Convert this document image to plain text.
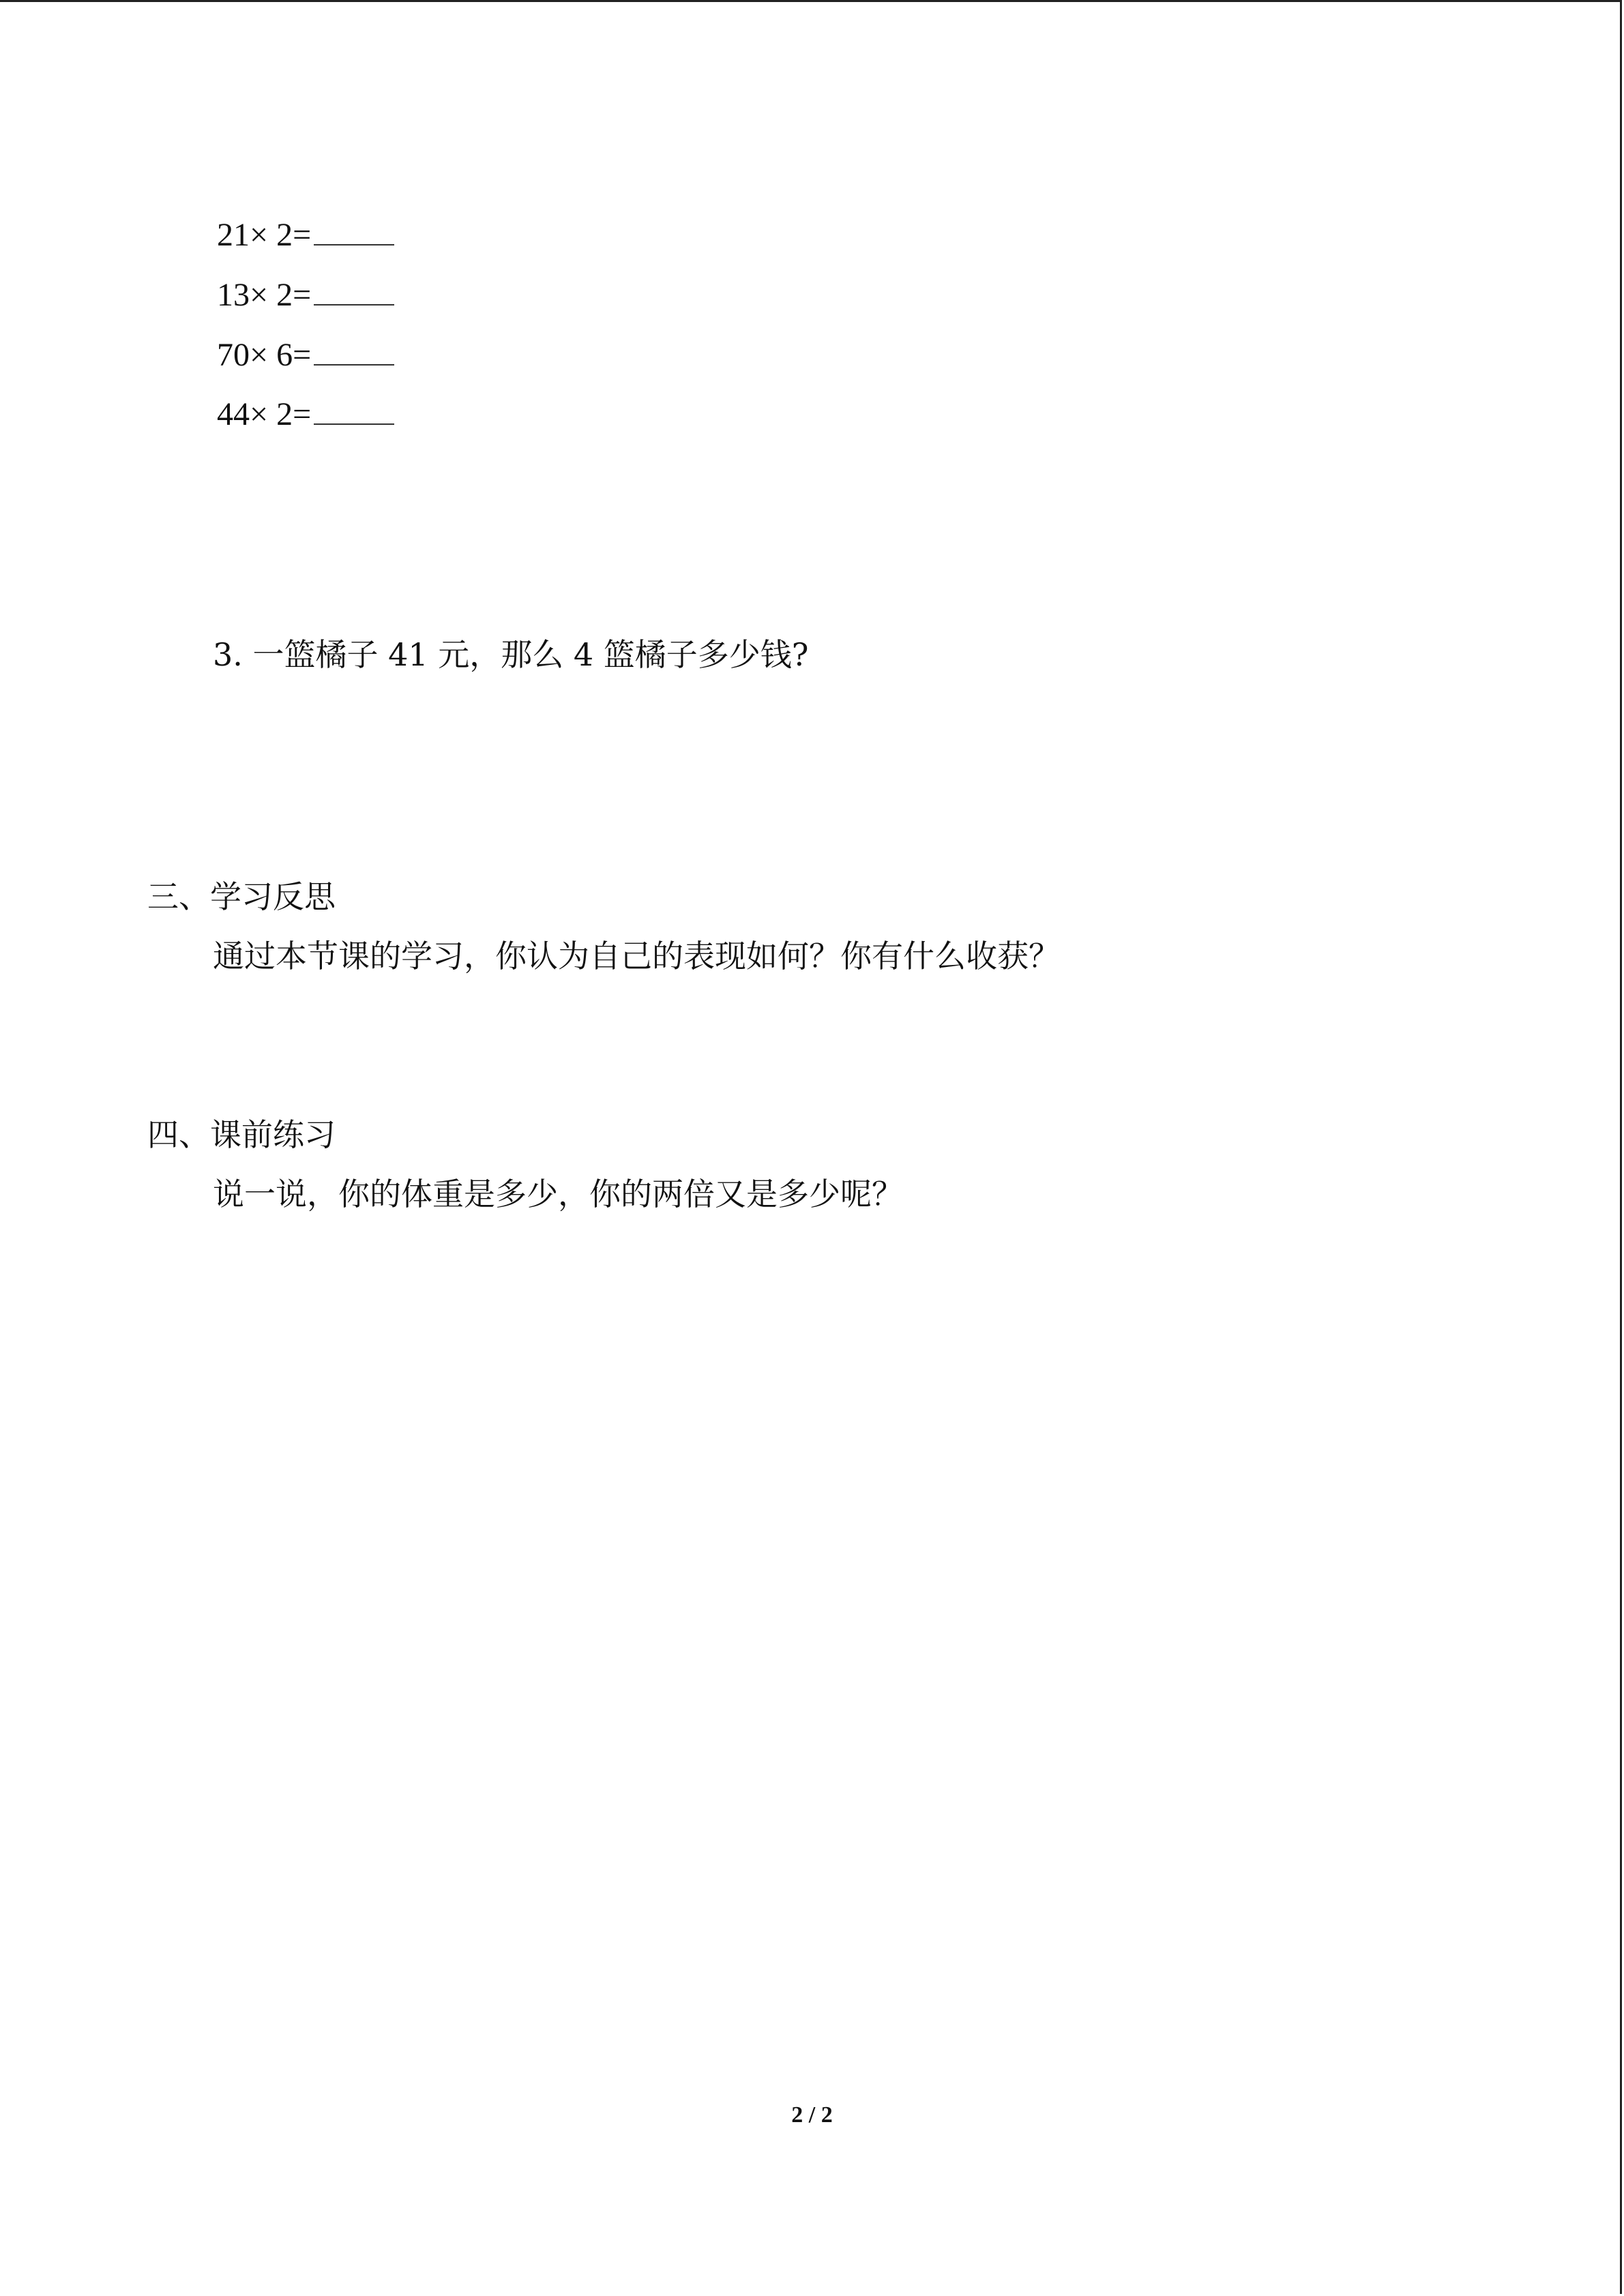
21× 2=
13× 2=
70× 6=
44× 2=
3. 一篮橘子 41 元，那么 4 篮橘子多少钱?
三、学习反思
通过本节课的学习，你认为自己的表现如何？你有什么收获？
四、课前练习
说一说，你的体重是多少，你的两倍又是多少呢？
2 / 2
